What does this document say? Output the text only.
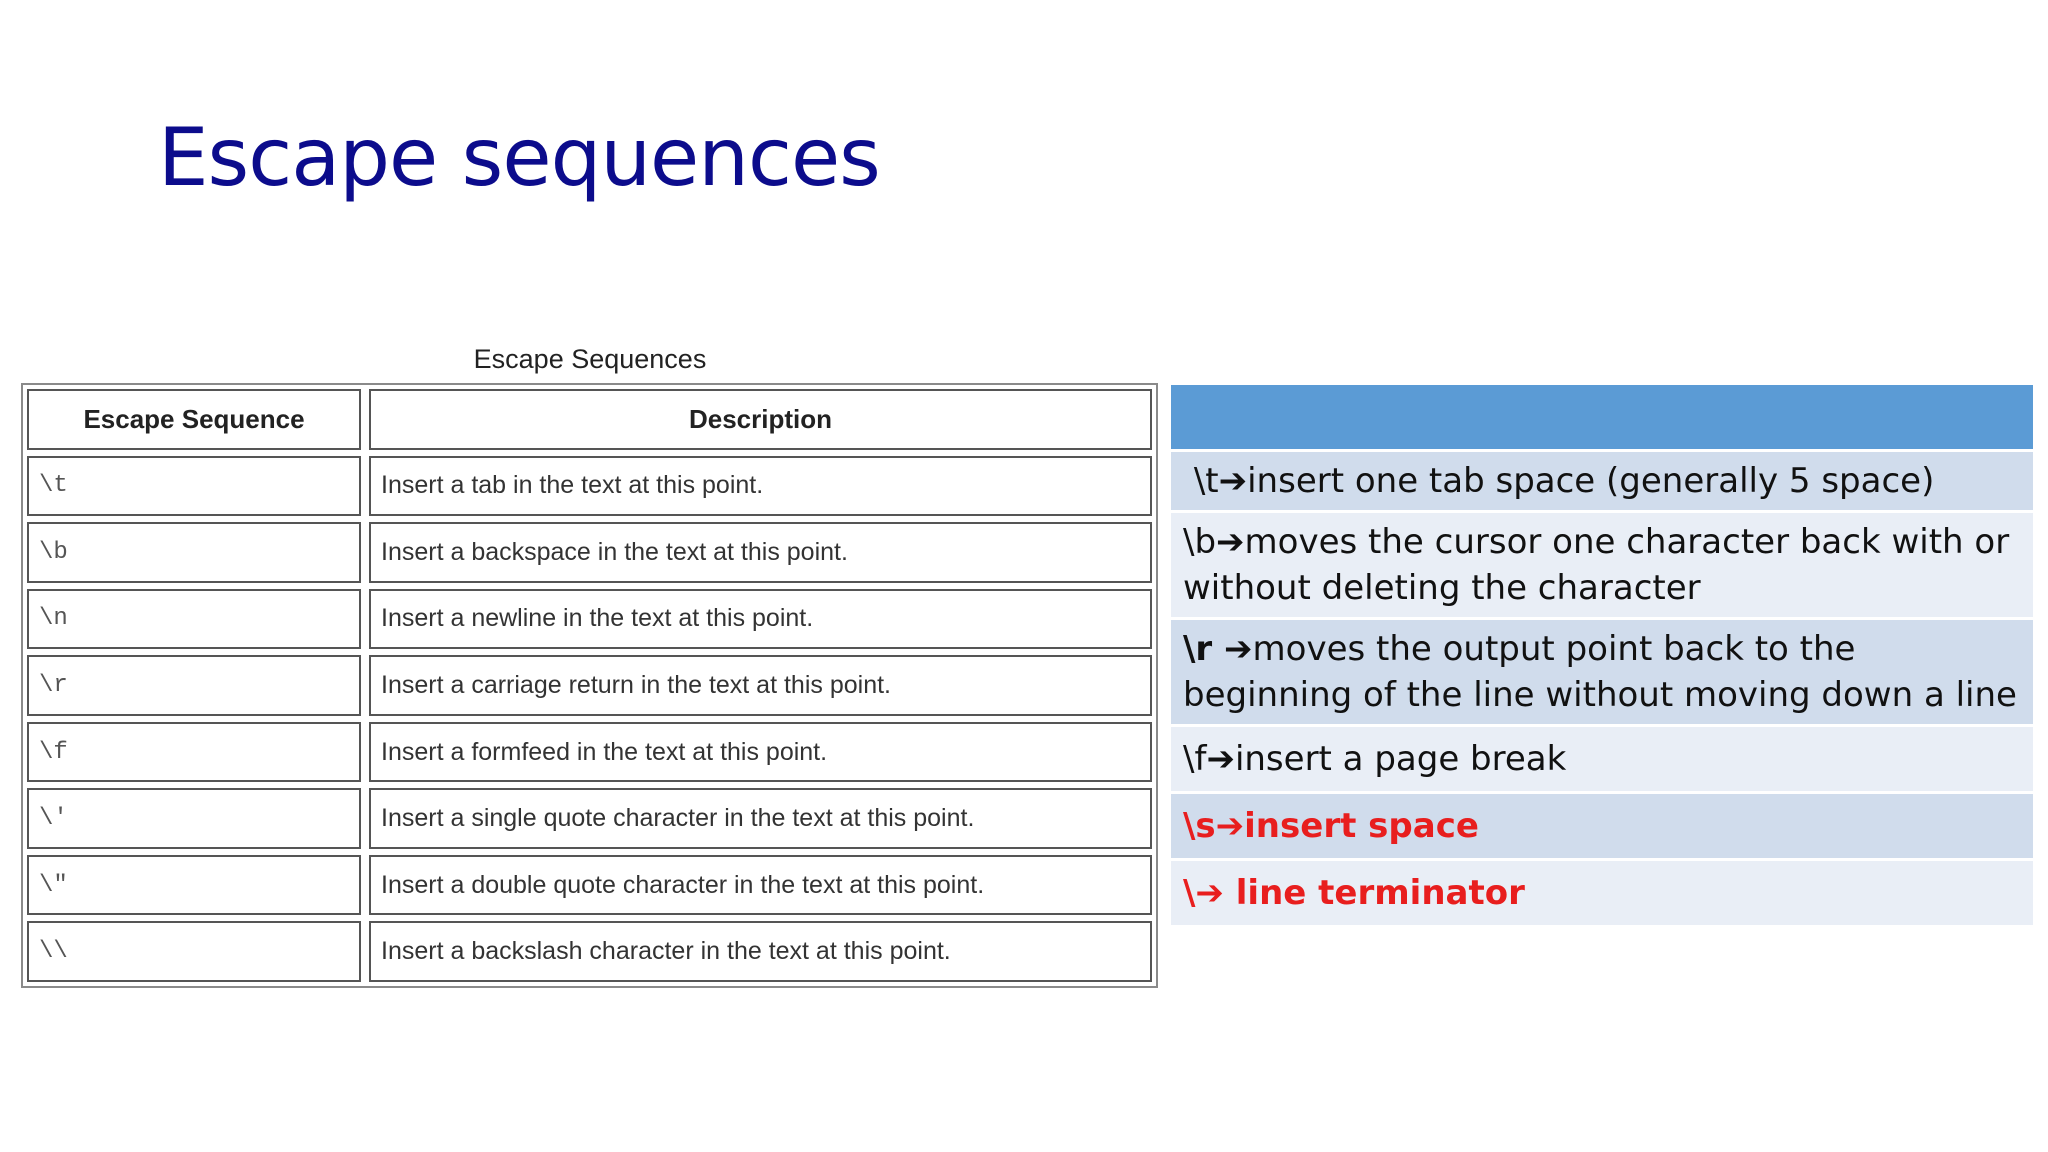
Escape sequences
Escape Sequences
Escape Sequence	Description
\t	Insert a tab in the text at this point.
\b	Insert a backspace in the text at this point.
\n	Insert a newline in the text at this point.
\r	Insert a carriage return in the text at this point.
\f	Insert a formfeed in the text at this point.
\'	Insert a single quote character in the text at this point.
\"	Insert a double quote character in the text at this point.
\\	Insert a backslash character in the text at this point.
\t➔insert one tab space (generally 5 space)
\b➔moves the cursor one character back with or without deleting the character
\r ➔moves the output point back to the beginning of the line without moving down a line
\f➔insert a page break
\s➔insert space
\➔ line terminator
